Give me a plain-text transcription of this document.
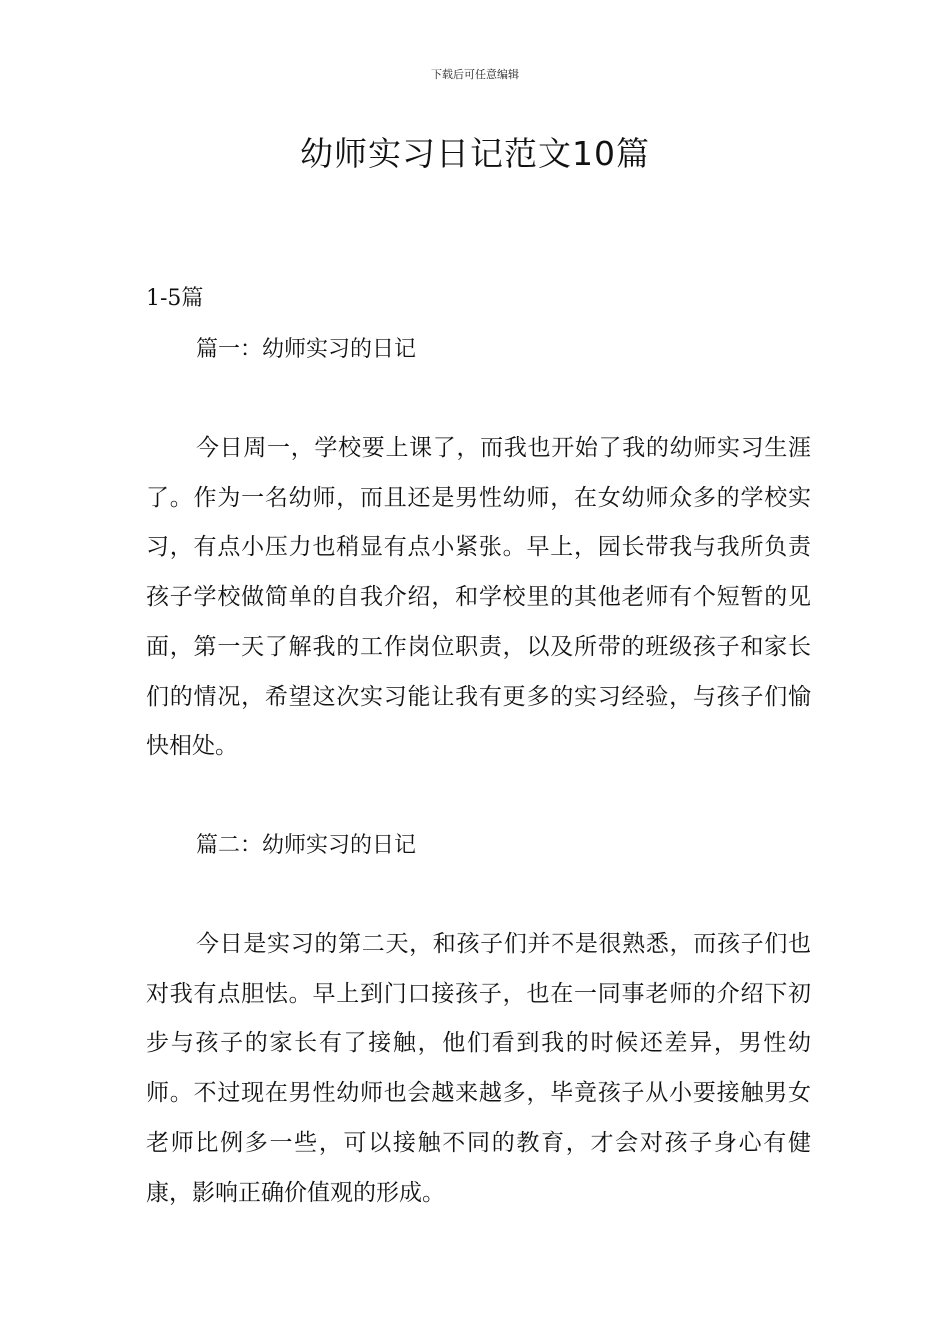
下载后可任意编辑
幼师实习日记范文10篇
1-5篇
篇一：幼师实习的日记

今日周一，学校要上课了，而我也开始了我的幼师实习生涯了。作为一名幼师，而且还是男性幼师，在女幼师众多的学校实习，有点小压力也稍显有点小紧张。早上，园长带我与我所负责孩子学校做简单的自我介绍，和学校里的其他老师有个短暂的见面，第一天了解我的工作岗位职责，以及所带的班级孩子和家长们的情况，希望这次实习能让我有更多的实习经验，与孩子们愉快相处。

篇二：幼师实习的日记

今日是实习的第二天，和孩子们并不是很熟悉，而孩子们也对我有点胆怯。早上到门口接孩子，也在一同事老师的介绍下初步与孩子的家长有了接触，他们看到我的时候还差异，男性幼师。不过现在男性幼师也会越来越多，毕竟孩子从小要接触男女老师比例多一些，可以接触不同的教育，才会对孩子身心有健康，影响正确价值观的形成。
